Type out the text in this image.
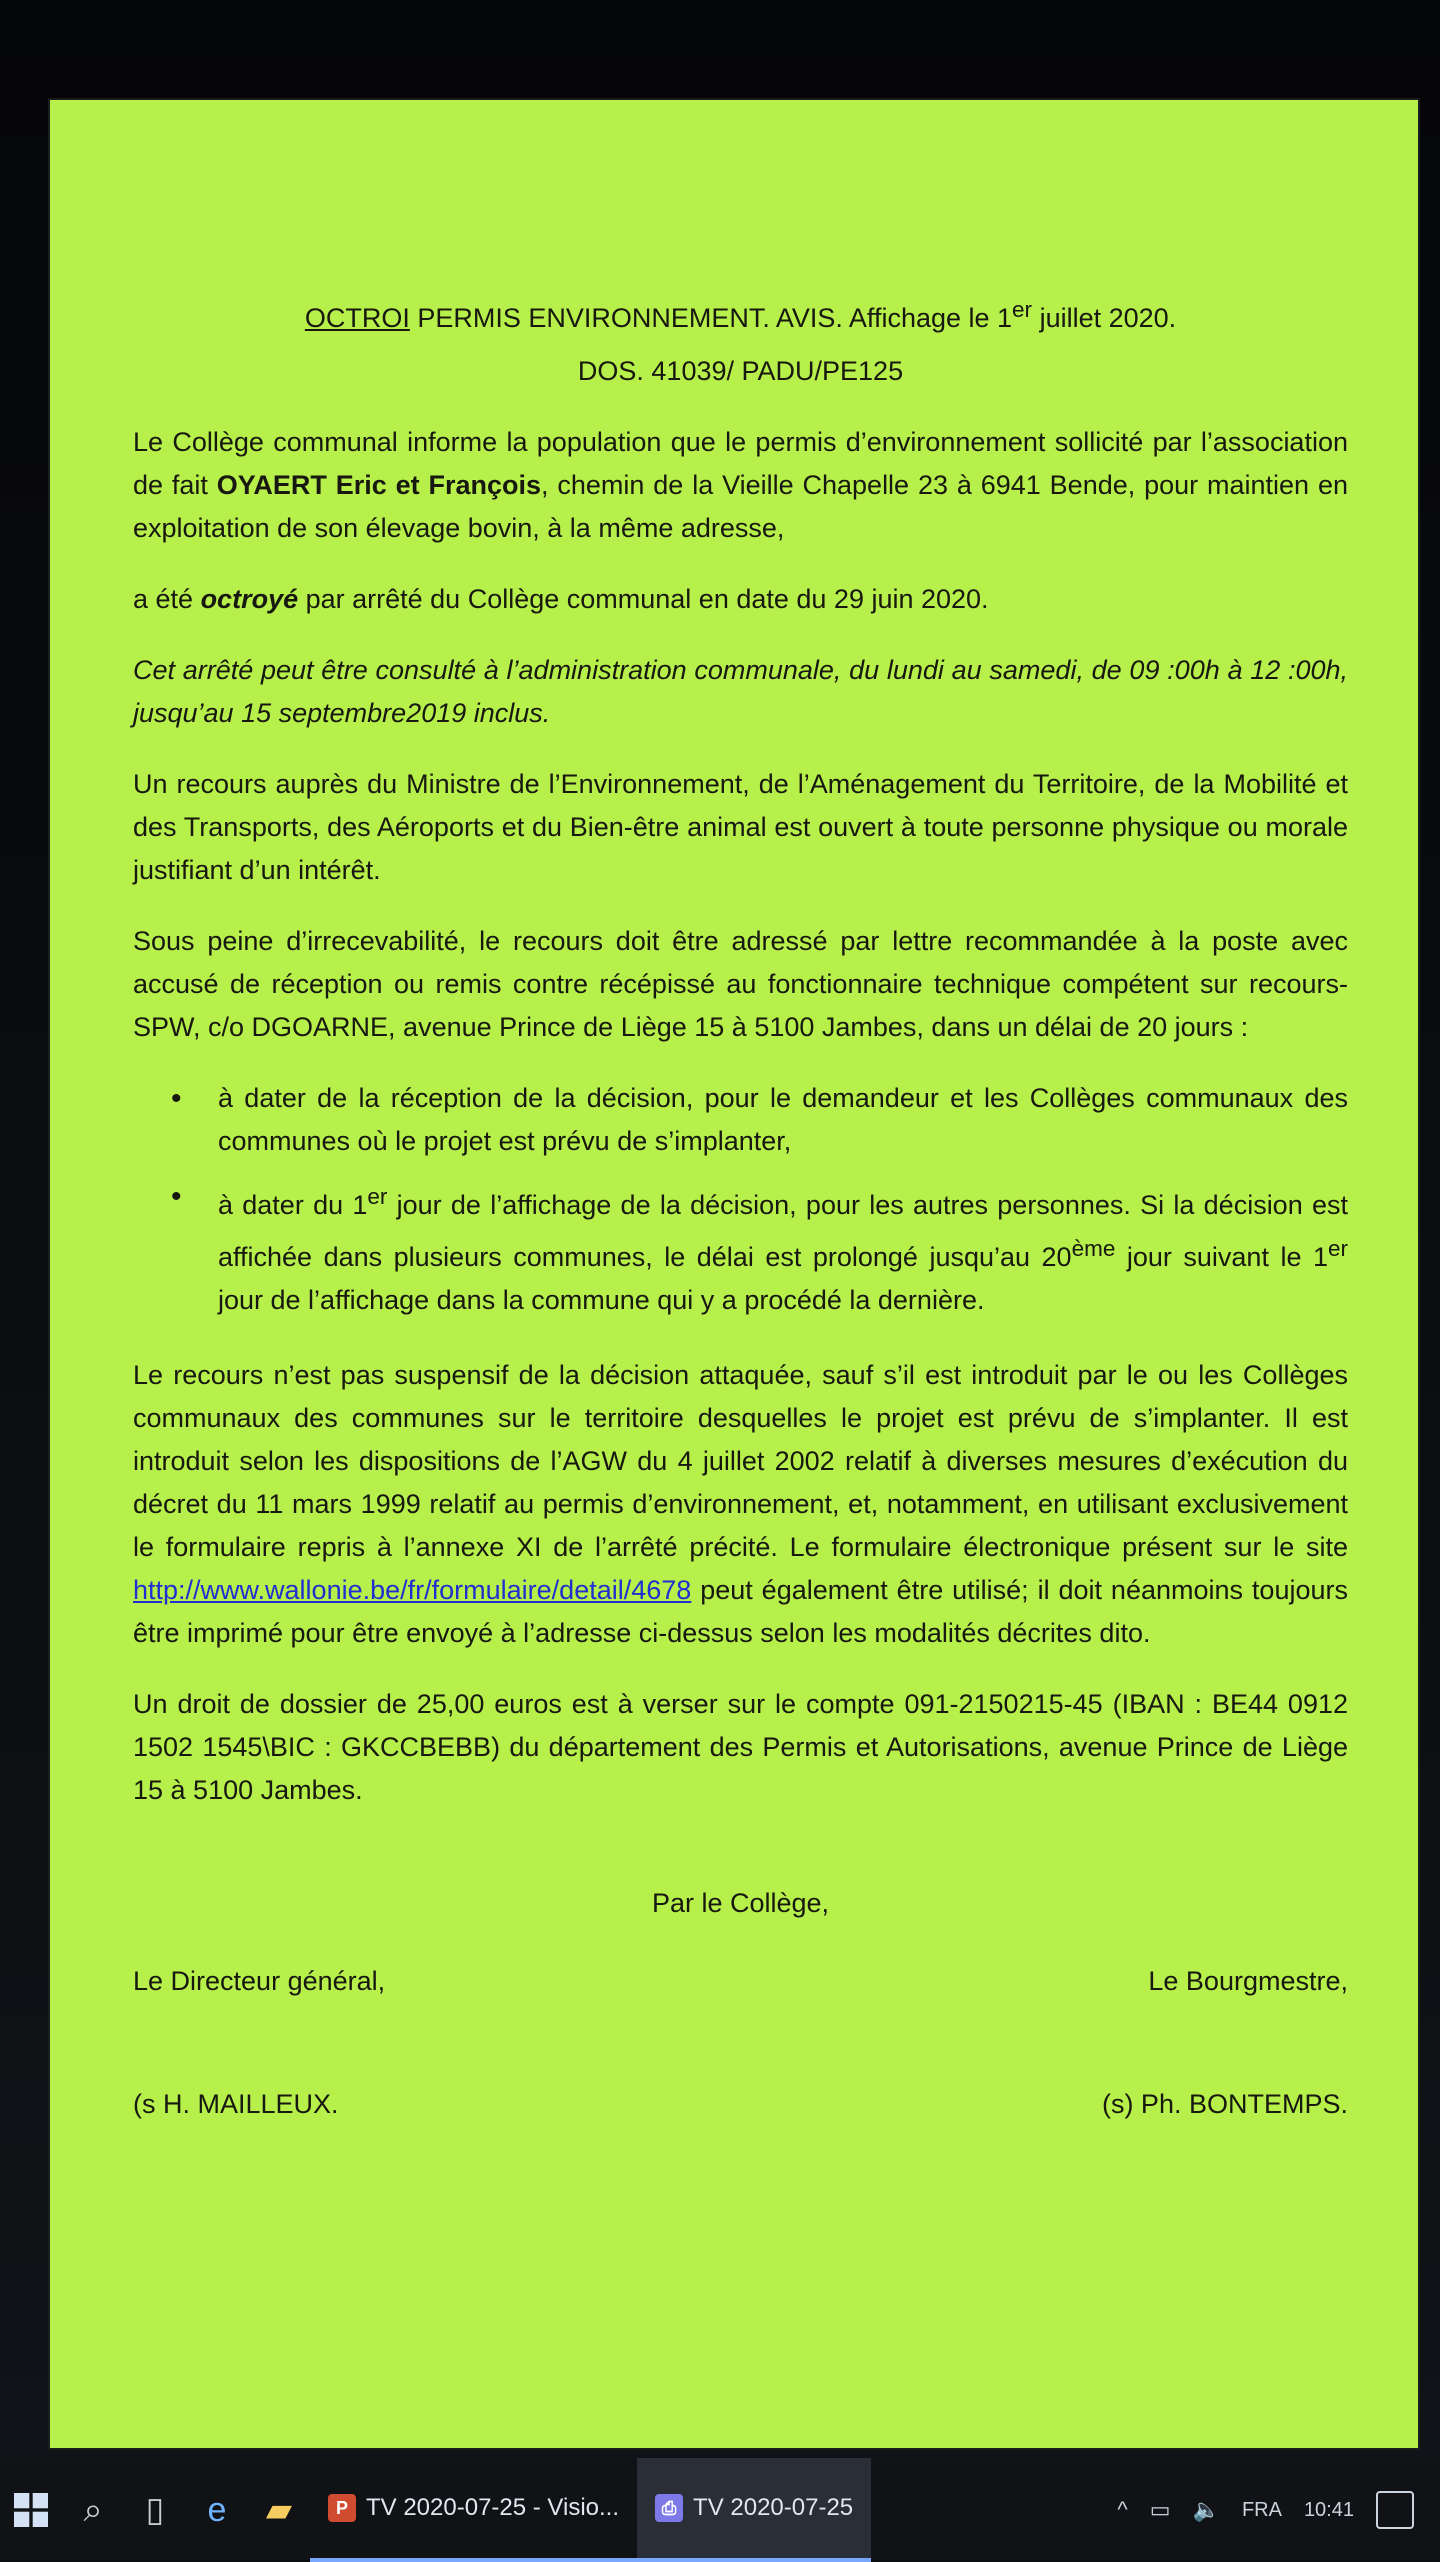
OCTROI PERMIS ENVIRONNEMENT. AVIS. Affichage le 1er juillet 2020.
DOS. 41039/ PADU/PE125

Le Collège communal informe la population que le permis d’environnement sollicité par l’association de fait OYAERT Eric et François, chemin de la Vieille Chapelle 23 à 6941 Bende, pour maintien en exploitation de son élevage bovin, à la même adresse,

a été octroyé par arrêté du Collège communal en date du 29 juin 2020.

Cet arrêté peut être consulté à l’administration communale, du lundi au samedi, de 09 :00h à 12 :00h, jusqu’au 15 septembre2019 inclus.

Un recours auprès du Ministre de l’Environnement, de l’Aménagement du Territoire, de la Mobilité et des Transports, des Aéroports et du Bien-être animal est ouvert à toute personne physique ou morale justifiant d’un intérêt.

Sous peine d’irrecevabilité, le recours doit être adressé par lettre recommandée à la poste avec accusé de réception ou remis contre récépissé au fonctionnaire technique compétent sur recours-SPW, c/o DGOARNE, avenue Prince de Liège 15 à 5100 Jambes, dans un délai de 20 jours :

• à dater de la réception de la décision, pour le demandeur et les Collèges communaux des communes où le projet est prévu de s’implanter,
• à dater du 1er jour de l’affichage de la décision, pour les autres personnes. Si la décision est affichée dans plusieurs communes, le délai est prolongé jusqu’au 20ème jour suivant le 1er jour de l’affichage dans la commune qui y a procédé la dernière.

Le recours n’est pas suspensif de la décision attaquée, sauf s’il est introduit par le ou les Collèges communaux des communes sur le territoire desquelles le projet est prévu de s’implanter. Il est introduit selon les dispositions de l’AGW du 4 juillet 2002 relatif à diverses mesures d’exécution du décret du 11 mars 1999 relatif au permis d’environnement, et, notamment, en utilisant exclusivement le formulaire repris à l’annexe XI de l’arrêté précité. Le formulaire électronique présent sur le site http://www.wallonie.be/fr/formulaire/detail/4678 peut également être utilisé; il doit néanmoins toujours être imprimé pour être envoyé à l’adresse ci-dessus selon les modalités décrites dito.

Un droit de dossier de 25,00 euros est à verser sur le compte 091-2150215-45 (IBAN : BE44 0912 1502 1545\BIC : GKCCBEBB) du département des Permis et Autorisations, avenue Prince de Liège 15 à 5100 Jambes.

Par le Collège,
Le Directeur général,	Le Bourgmestre,
(s H. MAILLEUX.	(s) Ph. BONTEMPS.
⌕	▯	e	▰	P TV 2020-07-25 - Visio...	⎙ TV 2020-07-25	^ ▭ 🔈 FRA 10:41
